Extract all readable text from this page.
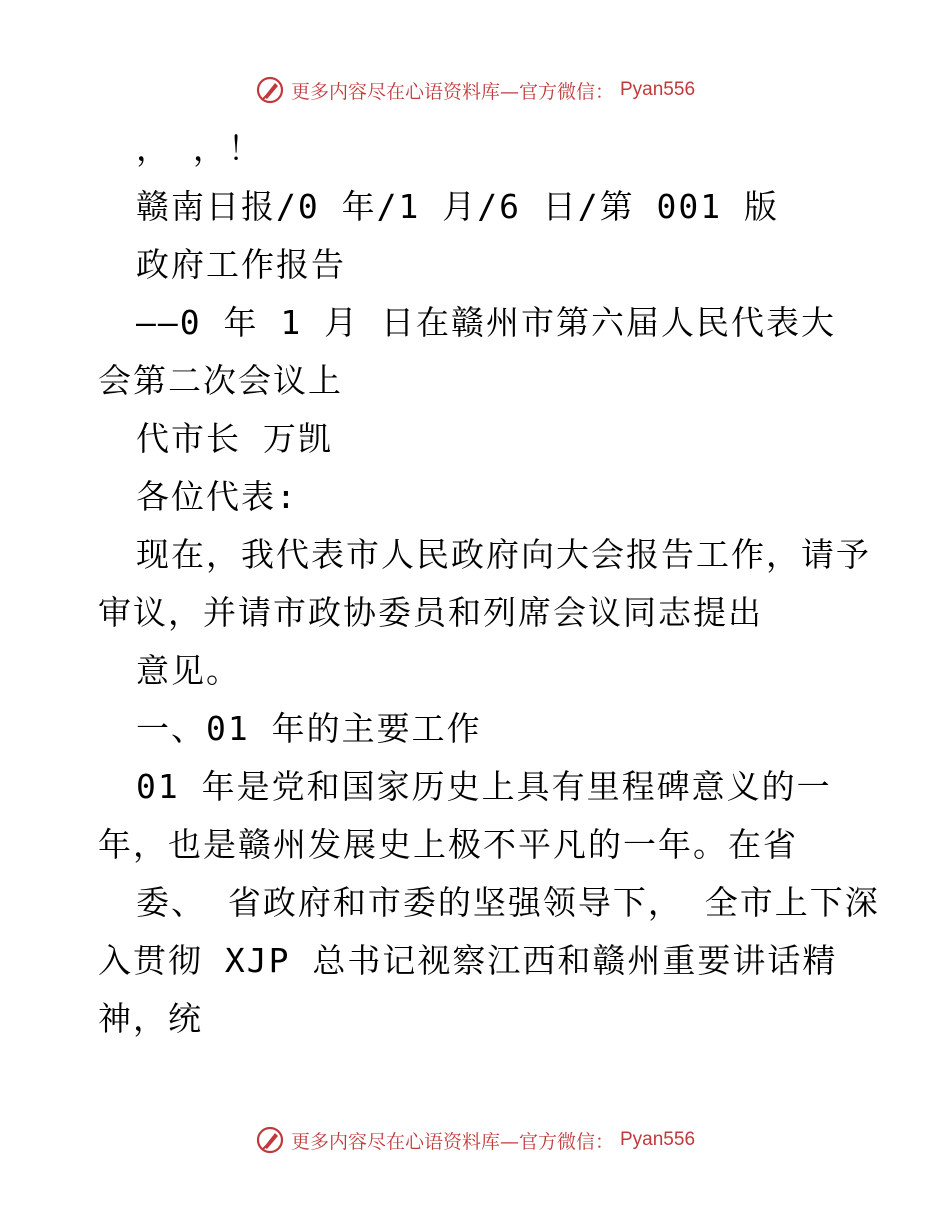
更多内容尽在心语资料库—官方微信： Pyan556
， ，！
赣南日报/0 年/1 月/6 日/第 001 版
政府工作报告
——0 年 1 月 日在赣州市第六届人民代表大
会第二次会议上
代市长 万凯
各位代表:
现在，我代表市人民政府向大会报告工作，请予
审议，并请市政协委员和列席会议同志提出
意见。
一、01 年的主要工作
01 年是党和国家历史上具有里程碑意义的一
年，也是赣州发展史上极不平凡的一年。在省
委、 省政府和市委的坚强领导下， 全市上下深
入贯彻 XJP 总书记视察江西和赣州重要讲话精
神，统
更多内容尽在心语资料库—官方微信： Pyan556
